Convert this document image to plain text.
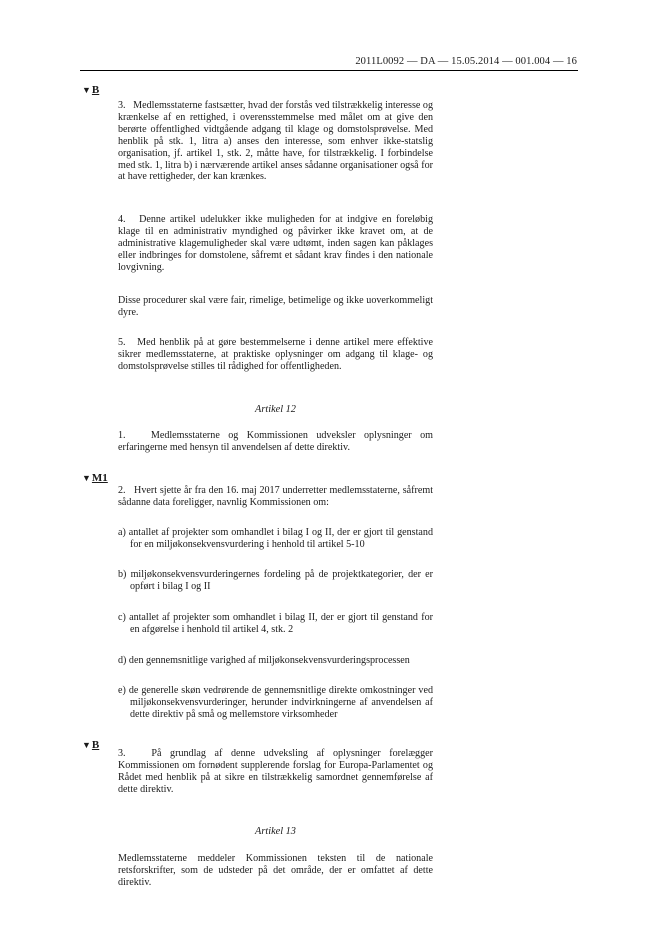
2011L0092 — DA — 15.05.2014 — 001.004 — 16
▼B

3.   Medlemsstaterne fastsætter, hvad der forstås ved tilstrækkelig interesse og krænkelse af en rettighed, i overensstemmelse med målet om at give den berørte offentlighed vidtgående adgang til klage og domstolsprøvelse. Med henblik på stk. 1, litra a) anses den interesse, som enhver ikke-statslig organisation, jf. artikel 1, stk. 2, måtte have, for tilstrækkelig. I forbindelse med stk. 1, litra b) i nærværende artikel anses sådanne organisationer også for at have rettigheder, der kan krænkes.

4.   Denne artikel udelukker ikke muligheden for at indgive en foreløbig klage til en administrativ myndighed og påvirker ikke kravet om, at de administrative klagemuligheder skal være udtømt, inden sagen kan påklages eller indbringes for domstolene, såfremt et sådant krav findes i den nationale lovgivning.

Disse procedurer skal være fair, rimelige, betimelige og ikke uoverkommeligt dyre.

5.   Med henblik på at gøre bestemmelserne i denne artikel mere effektive sikrer medlemsstaterne, at praktiske oplysninger om adgang til klage- og domstolsprøvelse stilles til rådighed for offentligheden.

Artikel 12

1.   Medlemsstaterne og Kommissionen udveksler oplysninger om erfaringerne med hensyn til anvendelsen af dette direktiv.

▼M1

2.   Hvert sjette år fra den 16. maj 2017 underretter medlemsstaterne, såfremt sådanne data foreligger, navnlig Kommissionen om:

a) antallet af projekter som omhandlet i bilag I og II, der er gjort til genstand for en miljøkonsekvensvurdering i henhold til artikel 5-10

b) miljøkonsekvensvurderingernes fordeling på de projektkategorier, der er opført i bilag I og II

c) antallet af projekter som omhandlet i bilag II, der er gjort til genstand for en afgørelse i henhold til artikel 4, stk. 2

d) den gennemsnitlige varighed af miljøkonsekvensvurderingsprocessen

e) de generelle skøn vedrørende de gennemsnitlige direkte omkostninger ved miljøkonsekvensvurderinger, herunder indvirkningerne af anvendelsen af dette direktiv på små og mellemstore virksomheder

▼B

3.   På grundlag af denne udveksling af oplysninger forelægger Kommissionen om fornødent supplerende forslag for Europa-Parlamentet og Rådet med henblik på at sikre en tilstrækkelig samordnet gennemførelse af dette direktiv.

Artikel 13

Medlemsstaterne meddeler Kommissionen teksten til de nationale retsforskrifter, som de udsteder på det område, der er omfattet af dette direktiv.
